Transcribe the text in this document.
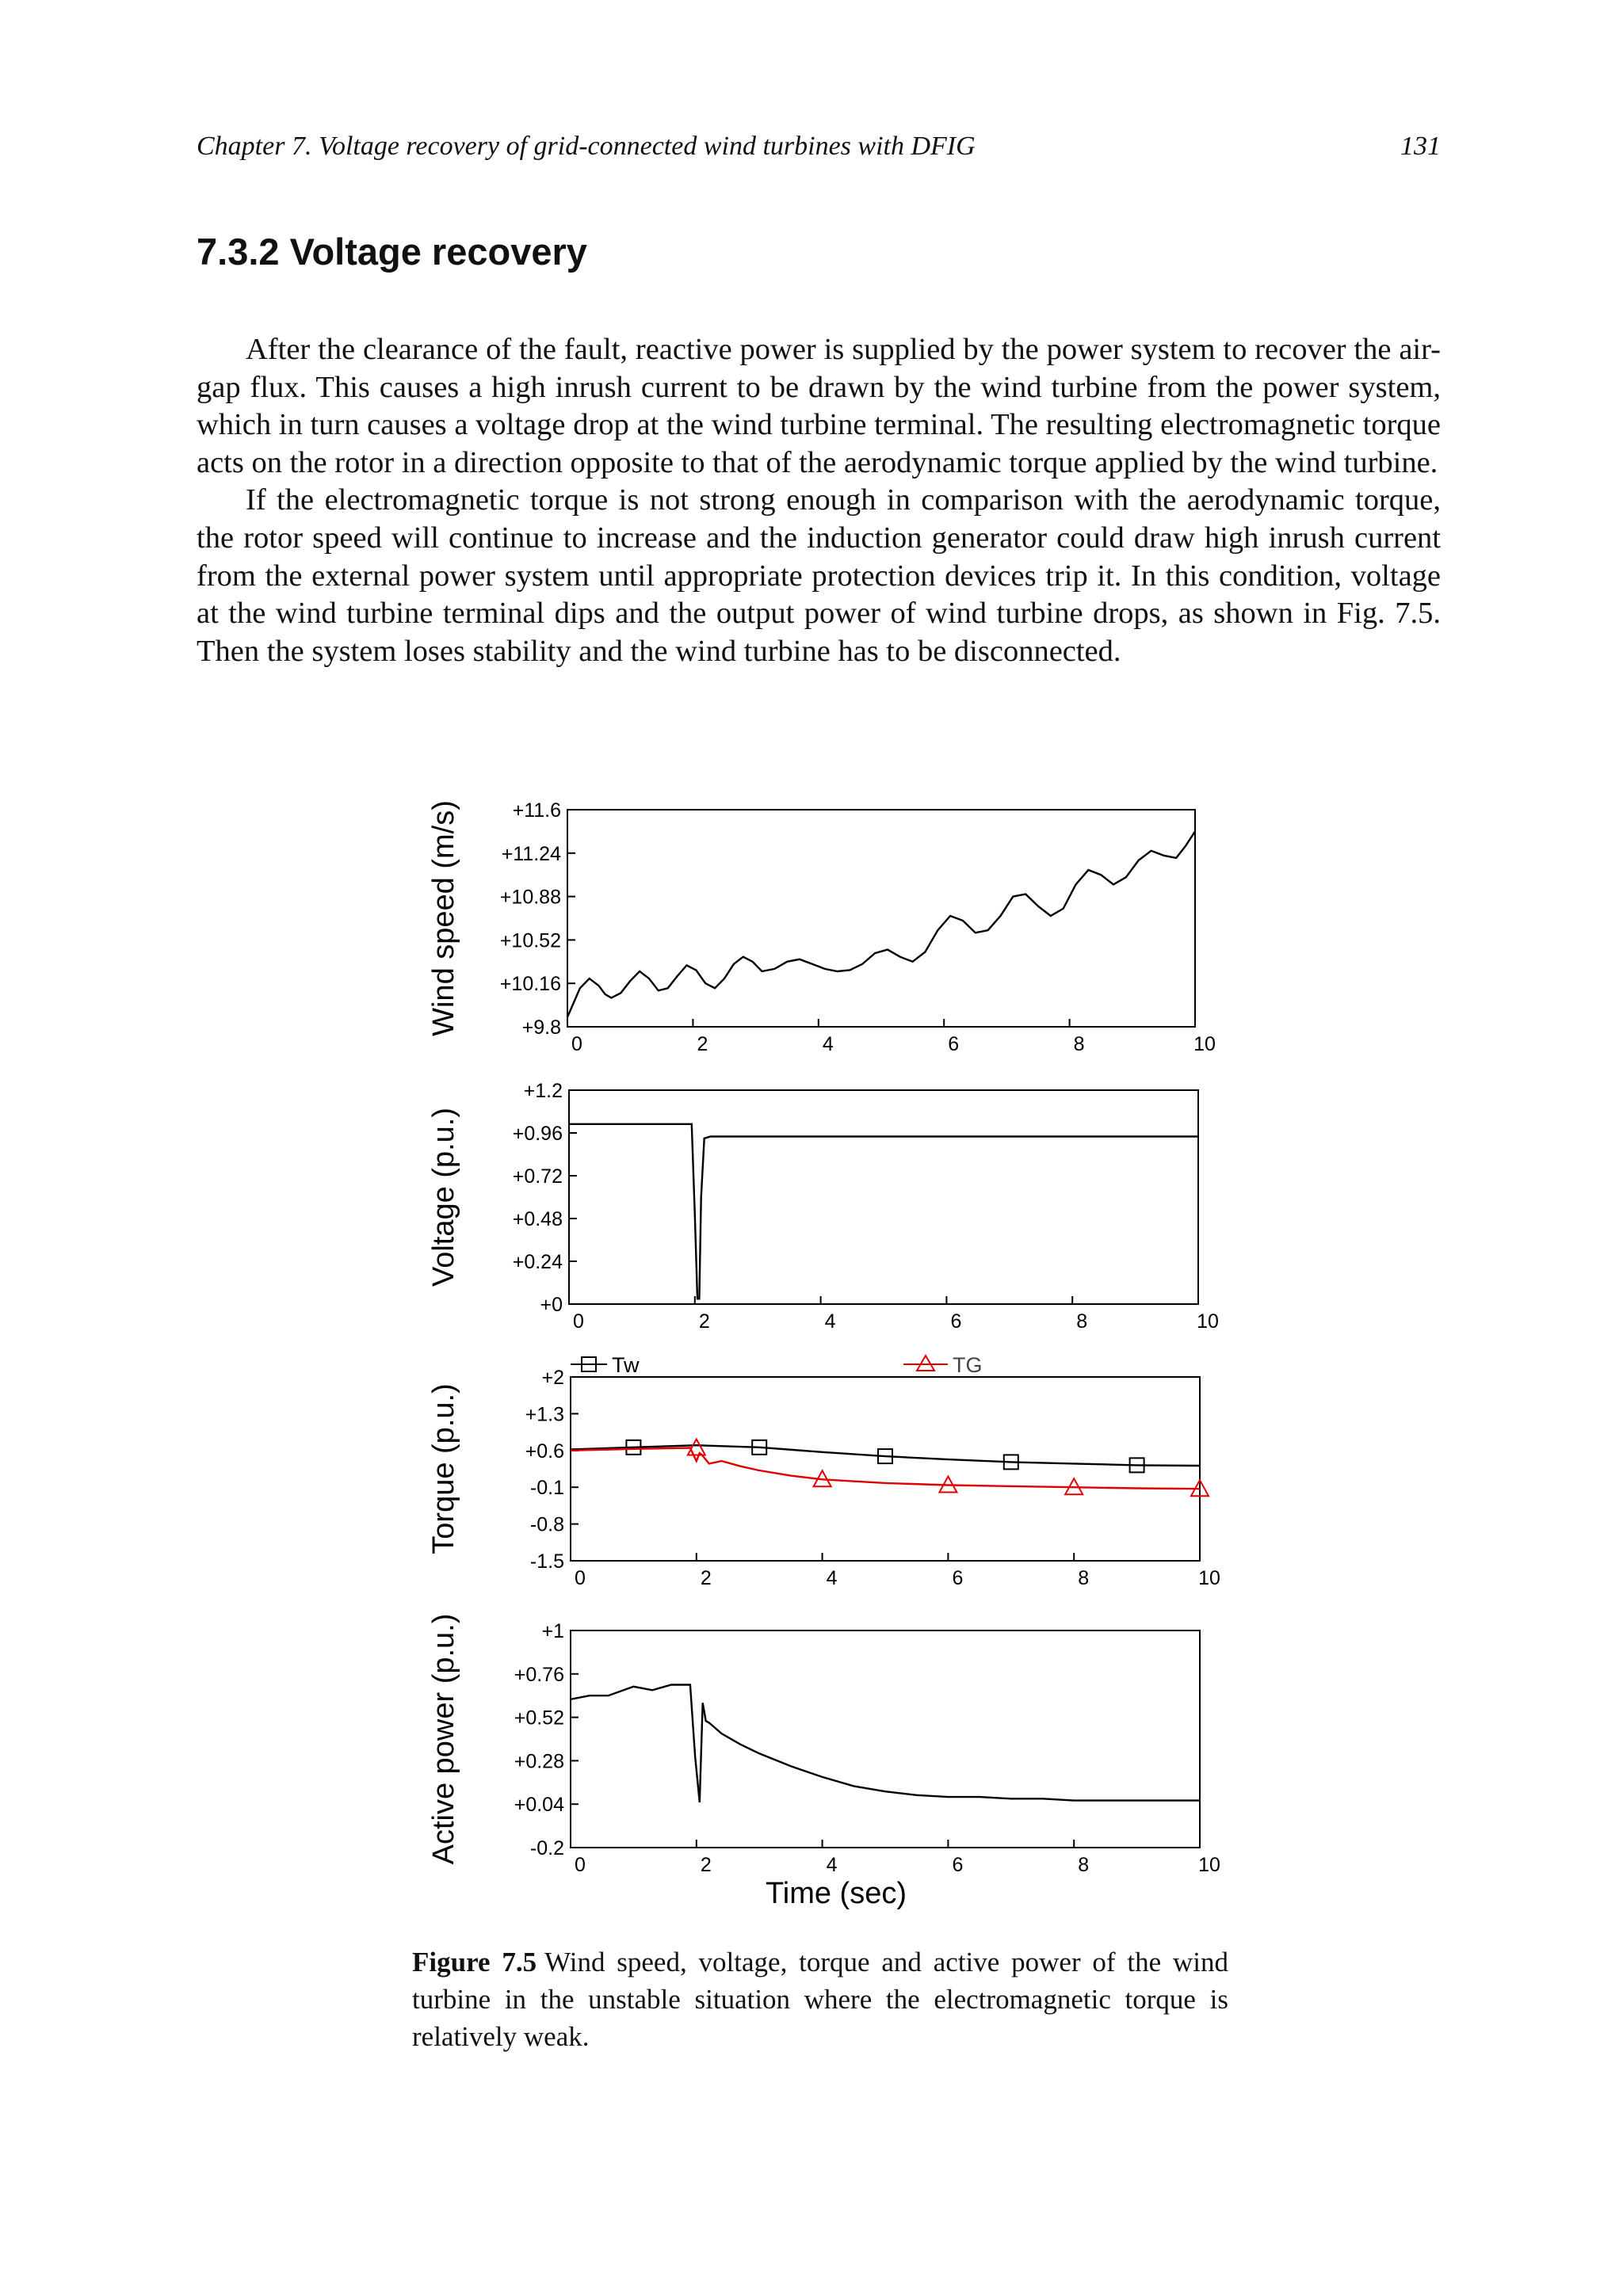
Chapter 7. Voltage recovery of grid-connected wind turbines with DFIG	131
7.3.2 Voltage recovery

After the clearance of the fault, reactive power is supplied by the power system to recover the air-gap flux. This causes a high inrush current to be drawn by the wind turbine from the power system, which in turn causes a voltage drop at the wind turbine terminal. The resulting electromagnetic torque acts on the rotor in a direction opposite to that of the aerodynamic torque applied by the wind turbine.

If the electromagnetic torque is not strong enough in comparison with the aerodynamic torque, the rotor speed will continue to increase and the induction generator could draw high inrush current from the external power system until appropriate protection devices trip it. In this condition, voltage at the wind turbine terminal dips and the output power of wind turbine drops, as shown in Fig. 7.5. Then the system loses stability and the wind turbine has to be disconnected.

+9.8
+10.16
+10.52
+10.88
+11.24
+11.6
0	2	4	6	8	10
Wind speed (m/s)
+0
+0.24
+0.48
+0.72
+0.96
+1.2
0	2	4	6	8	10
Voltage (p.u.)
-1.5
-0.8
-0.1
+0.6
+1.3
+2
0	2	4	6	8	10
Torque (p.u.)
Tw	TG
-0.2
+0.04
+0.28
+0.52
+0.76
+1
0	2	4	6	8	10
Active power (p.u.)
Time (sec)
Figure 7.5 Wind speed, voltage, torque and active power of the wind turbine in the unstable situation where the electromagnetic torque is relatively weak.
